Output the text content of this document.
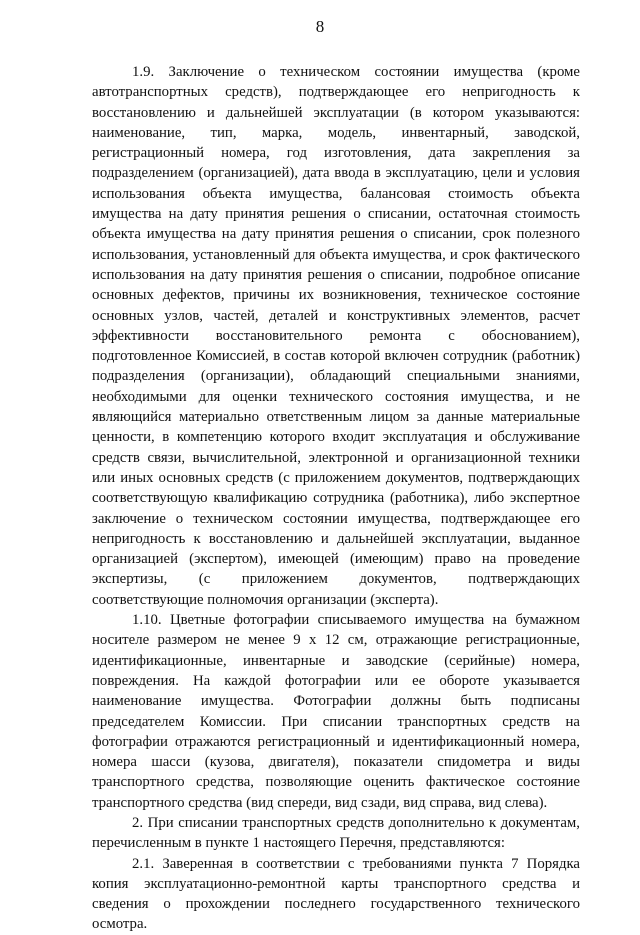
8

1.9. Заключение о техническом состоянии имущества (кроме автотранспортных средств), подтверждающее его непригодность к восстановлению и дальнейшей эксплуатации (в котором указываются: наименование, тип, марка, модель, инвентарный, заводской, регистрационный номера, год изготовления, дата закрепления за подразделением (организацией), дата ввода в эксплуатацию, цели и условия использования объекта имущества, балансовая стоимость объекта имущества на дату принятия решения о списании, остаточная стоимость объекта имущества на дату принятия решения о списании, срок полезного использования, установленный для объекта имущества, и срок фактического использования на дату принятия решения о списании, подробное описание основных дефектов, причины их возникновения, техническое состояние основных узлов, частей, деталей и конструктивных элементов, расчет эффективности восстановительного ремонта с обоснованием), подготовленное Комиссией, в состав которой включен сотрудник (работник) подразделения (организации), обладающий специальными знаниями, необходимыми для оценки технического состояния имущества, и не являющийся материально ответственным лицом за данные материальные ценности, в компетенцию которого входит эксплуатация и обслуживание средств связи, вычислительной, электронной и организационной техники или иных основных средств (с приложением документов, подтверждающих соответствующую квалификацию сотрудника (работника), либо экспертное заключение о техническом состоянии имущества, подтверждающее его непригодность к восстановлению и дальнейшей эксплуатации, выданное организацией (экспертом), имеющей (имеющим) право на проведение экспертизы, (с приложением документов, подтверждающих соответствующие полномочия организации (эксперта).

1.10. Цветные фотографии списываемого имущества на бумажном носителе размером не менее 9 x 12 см, отражающие регистрационные, идентификационные, инвентарные и заводские (серийные) номера, повреждения. На каждой фотографии или ее обороте указывается наименование имущества. Фотографии должны быть подписаны председателем Комиссии. При списании транспортных средств на фотографии отражаются регистрационный и идентификационный номера, номера шасси (кузова, двигателя), показатели спидометра и виды транспортного средства, позволяющие оценить фактическое состояние транспортного средства (вид спереди, вид сзади, вид справа, вид слева).

2. При списании транспортных средств дополнительно к документам, перечисленным в пункте 1 настоящего Перечня, представляются:

2.1. Заверенная в соответствии с требованиями пункта 7 Порядка копия эксплуатационно-ремонтной карты транспортного средства и сведения о прохождении последнего государственного технического осмотра.
